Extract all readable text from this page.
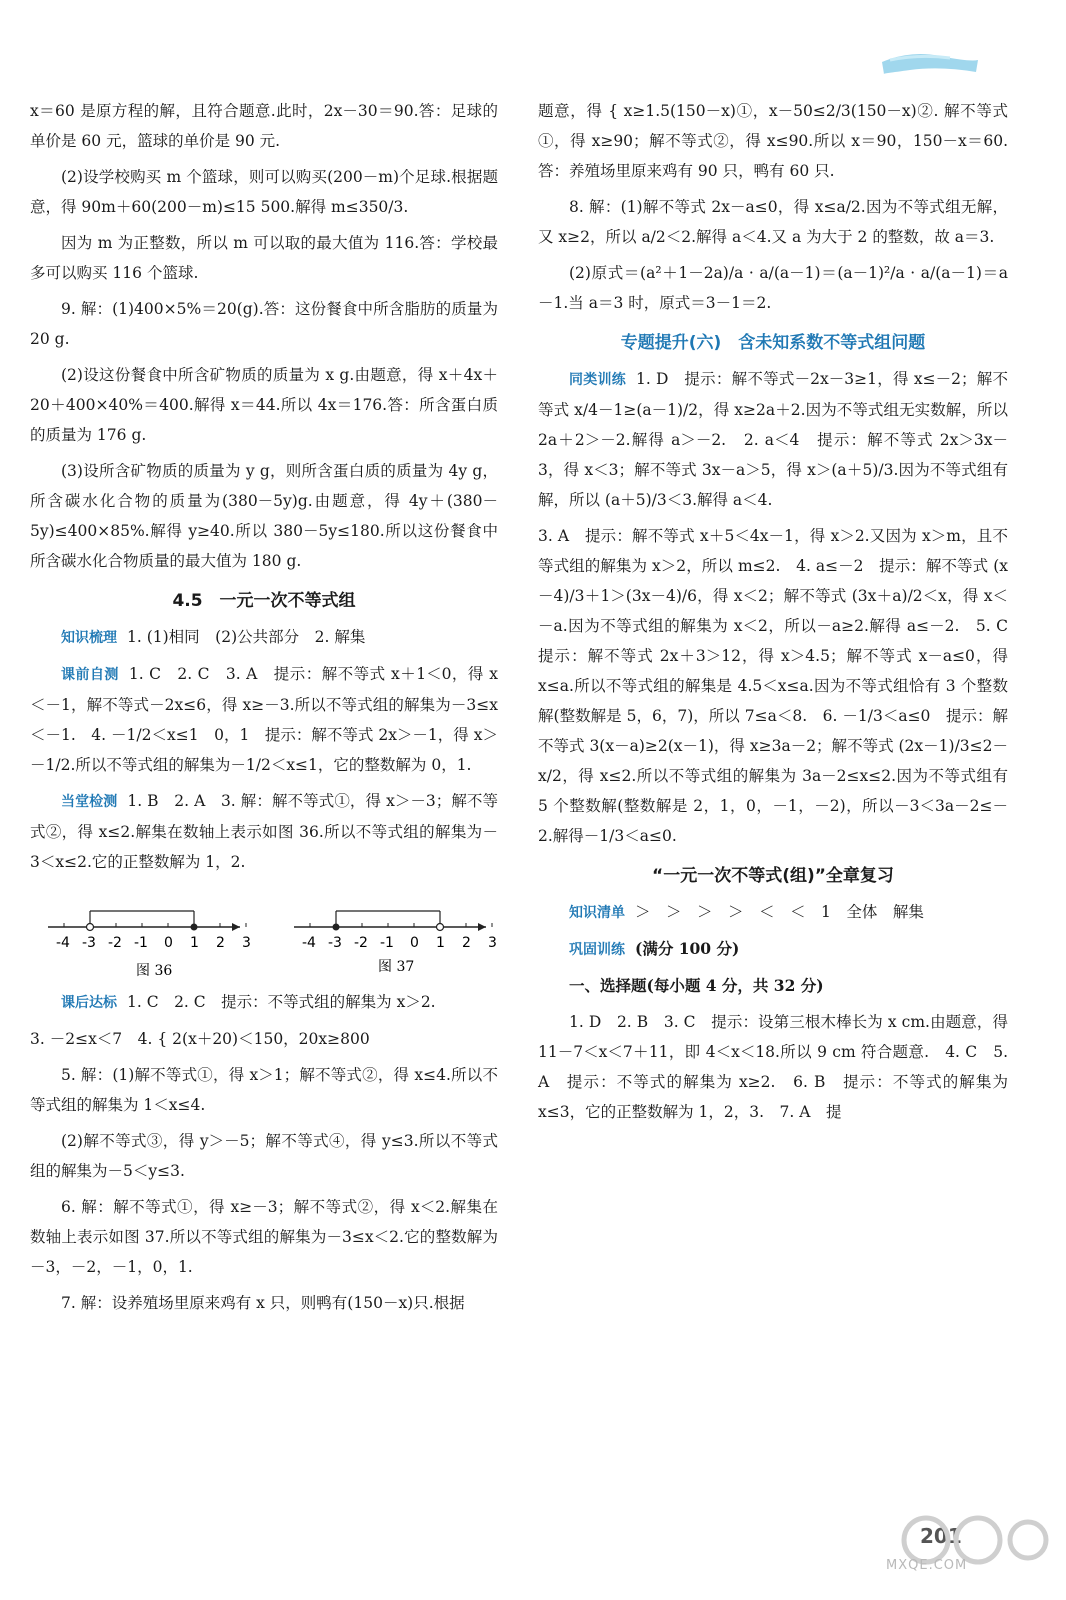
x＝60 是原方程的解，且符合题意.此时，2x－30＝90.答：足球的单价是 60 元，篮球的单价是 90 元.

(2)设学校购买 m 个篮球，则可以购买(200－m)个足球.根据题意，得 90m＋60(200－m)≤15 500.解得 m≤350/3.

因为 m 为正整数，所以 m 可以取的最大值为 116.答：学校最多可以购买 116 个篮球.

9. 解：(1)400×5%＝20(g).答：这份餐食中所含脂肪的质量为 20 g.

(2)设这份餐食中所含矿物质的质量为 x g.由题意，得 x＋4x＋20＋400×40%＝400.解得 x＝44.所以 4x＝176.答：所含蛋白质的质量为 176 g.

(3)设所含矿物质的质量为 y g，则所含蛋白质的质量为 4y g，所含碳水化合物的质量为(380－5y)g.由题意，得 4y＋(380－5y)≤400×85%.解得 y≥40.所以 380－5y≤180.所以这份餐食中所含碳水化合物质量的最大值为 180 g.

4.5　一元一次不等式组

知识梳理 1. (1)相同　(2)公共部分　2. 解集

课前自测 1. C　2. C　3. A　提示：解不等式 x＋1＜0，得 x＜－1，解不等式－2x≤6，得 x≥－3.所以不等式组的解集为－3≤x＜－1.　4. －1/2＜x≤1　0，1　提示：解不等式 2x＞－1，得 x＞－1/2.所以不等式组的解集为－1/2＜x≤1，它的整数解为 0，1.

当堂检测 1. B　2. A　3. 解：解不等式①，得 x＞－3；解不等式②，得 x≤2.解集在数轴上表示如图 36.所以不等式组的解集为－3＜x≤2.它的正整数解为 1，2.

-4 -3 -2 -1 0 1 2 3
图 36
-4 -3 -2 -1 0 1 2 3
图 37

课后达标 1. C　2. C　提示：不等式组的解集为 x＞2.

3. －2≤x＜7　4. { 2(x＋20)＜150，20x≥800

5. 解：(1)解不等式①，得 x＞1；解不等式②，得 x≤4.所以不等式组的解集为 1＜x≤4.

(2)解不等式③，得 y＞－5；解不等式④，得 y≤3.所以不等式组的解集为－5＜y≤3.

6. 解：解不等式①，得 x≥－3；解不等式②，得 x＜2.解集在数轴上表示如图 37.所以不等式组的解集为－3≤x＜2.它的整数解为－3，－2，－1，0，1.

7. 解：设养殖场里原来鸡有 x 只，则鸭有(150－x)只.根据

题意，得 { x≥1.5(150－x)①，x－50≤2/3(150－x)②. 解不等式①，得 x≥90；解不等式②，得 x≤90.所以 x＝90，150－x＝60.答：养殖场里原来鸡有 90 只，鸭有 60 只.

8. 解：(1)解不等式 2x－a≤0，得 x≤a/2.因为不等式组无解，又 x≥2，所以 a/2＜2.解得 a＜4.又 a 为大于 2 的整数，故 a＝3.

(2)原式＝(a²＋1－2a)/a · a/(a－1)＝(a－1)²/a · a/(a－1)＝a－1.当 a＝3 时，原式＝3－1＝2.

专题提升(六)　含未知系数不等式组问题

同类训练 1. D　提示：解不等式－2x－3≥1，得 x≤－2；解不等式 x/4－1≥(a－1)/2，得 x≥2a＋2.因为不等式组无实数解，所以 2a＋2＞－2.解得 a＞－2.　2. a＜4　提示：解不等式 2x＞3x－3，得 x＜3；解不等式 3x－a＞5，得 x＞(a＋5)/3.因为不等式组有解，所以 (a＋5)/3＜3.解得 a＜4.

3. A　提示：解不等式 x＋5＜4x－1，得 x＞2.又因为 x＞m，且不等式组的解集为 x＞2，所以 m≤2.　4. a≤－2　提示：解不等式 (x－4)/3＋1＞(3x－4)/6，得 x＜2；解不等式 (3x＋a)/2＜x，得 x＜－a.因为不等式组的解集为 x＜2，所以－a≥2.解得 a≤－2.　5. C　提示：解不等式 2x＋3＞12，得 x＞4.5；解不等式 x－a≤0，得 x≤a.所以不等式组的解集是 4.5＜x≤a.因为不等式组恰有 3 个整数解(整数解是 5，6，7)，所以 7≤a＜8.　6. －1/3＜a≤0　提示：解不等式 3(x－a)≥2(x－1)，得 x≥3a－2；解不等式 (2x－1)/3≤2－x/2，得 x≤2.所以不等式组的解集为 3a－2≤x≤2.因为不等式组有 5 个整数解(整数解是 2，1，0，－1，－2)，所以－3＜3a－2≤－2.解得－1/3＜a≤0.

“一元一次不等式(组)”全章复习

知识清单 ＞　＞　＞　＞　＜　＜　1　全体　解集

巩固训练 (满分 100 分)

一、选择题(每小题 4 分，共 32 分)

1. D　2. B　3. C　提示：设第三根木棒长为 x cm.由题意，得 11－7＜x＜7＋11，即 4＜x＜18.所以 9 cm 符合题意.　4. C　5. A　提示：不等式的解集为 x≥2.　6. B　提示：不等式的解集为 x≤3，它的正整数解为 1，2，3.　7. A　提

201
MXQE.COM
